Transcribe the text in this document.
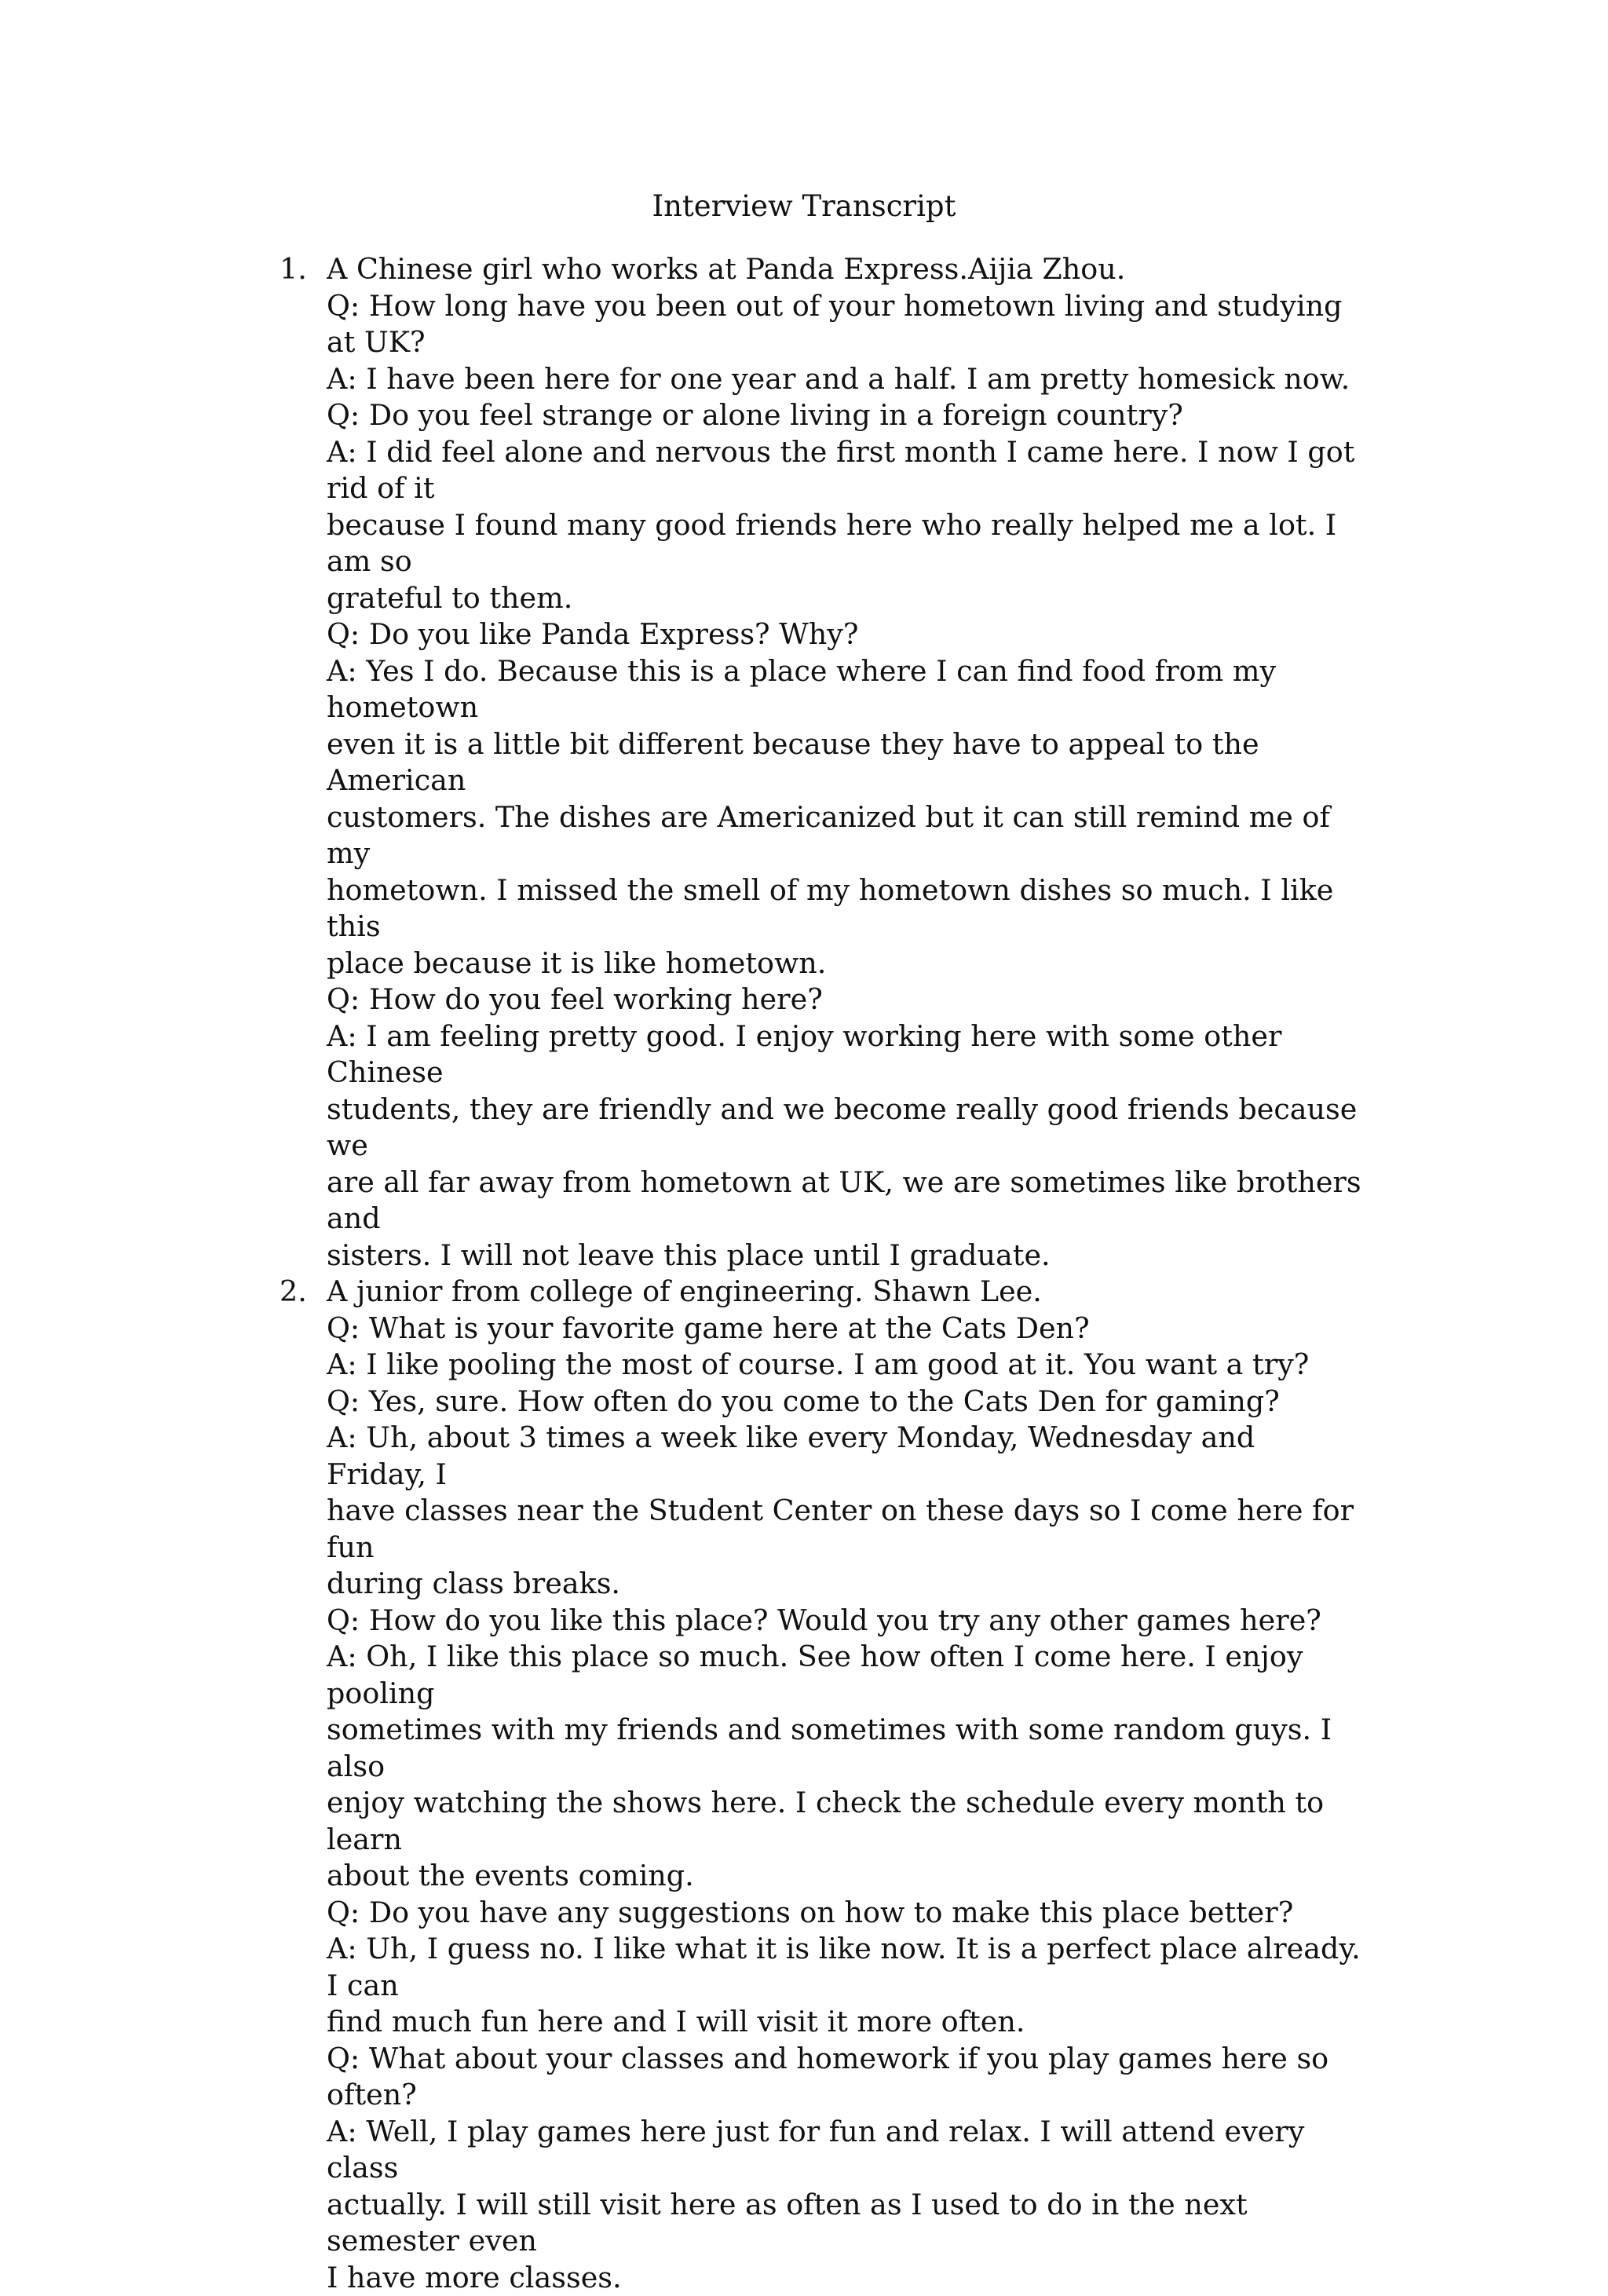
Interview Transcript
1. A Chinese girl who works at Panda Express.Aijia Zhou.
Q: How long have you been out of your hometown living and studying at UK?
A: I have been here for one year and a half. I am pretty homesick now.
Q: Do you feel strange or alone living in a foreign country?
A: I did feel alone and nervous the first month I came here. I now I got rid of it
because I found many good friends here who really helped me a lot. I am so
grateful to them.
Q: Do you like Panda Express? Why?
A: Yes I do. Because this is a place where I can find food from my hometown
even it is a little bit different because they have to appeal to the American
customers. The dishes are Americanized but it can still remind me of my
hometown. I missed the smell of my hometown dishes so much. I like this
place because it is like hometown.
Q: How do you feel working here?
A: I am feeling pretty good. I enjoy working here with some other Chinese
students, they are friendly and we become really good friends because we
are all far away from hometown at UK, we are sometimes like brothers and
sisters. I will not leave this place until I graduate.
2. A junior from college of engineering. Shawn Lee.
Q: What is your favorite game here at the Cats Den?
A: I like pooling the most of course. I am good at it. You want a try?
Q: Yes, sure. How often do you come to the Cats Den for gaming?
A: Uh, about 3 times a week like every Monday, Wednesday and Friday, I
have classes near the Student Center on these days so I come here for fun
during class breaks.
Q: How do you like this place? Would you try any other games here?
A: Oh, I like this place so much. See how often I come here. I enjoy pooling
sometimes with my friends and sometimes with some random guys. I also
enjoy watching the shows here. I check the schedule every month to learn
about the events coming.
Q: Do you have any suggestions on how to make this place better?
A: Uh, I guess no. I like what it is like now. It is a perfect place already. I can
find much fun here and I will visit it more often.
Q: What about your classes and homework if you play games here so often?
A: Well, I play games here just for fun and relax. I will attend every class
actually. I will still visit here as often as I used to do in the next semester even
I have more classes.
